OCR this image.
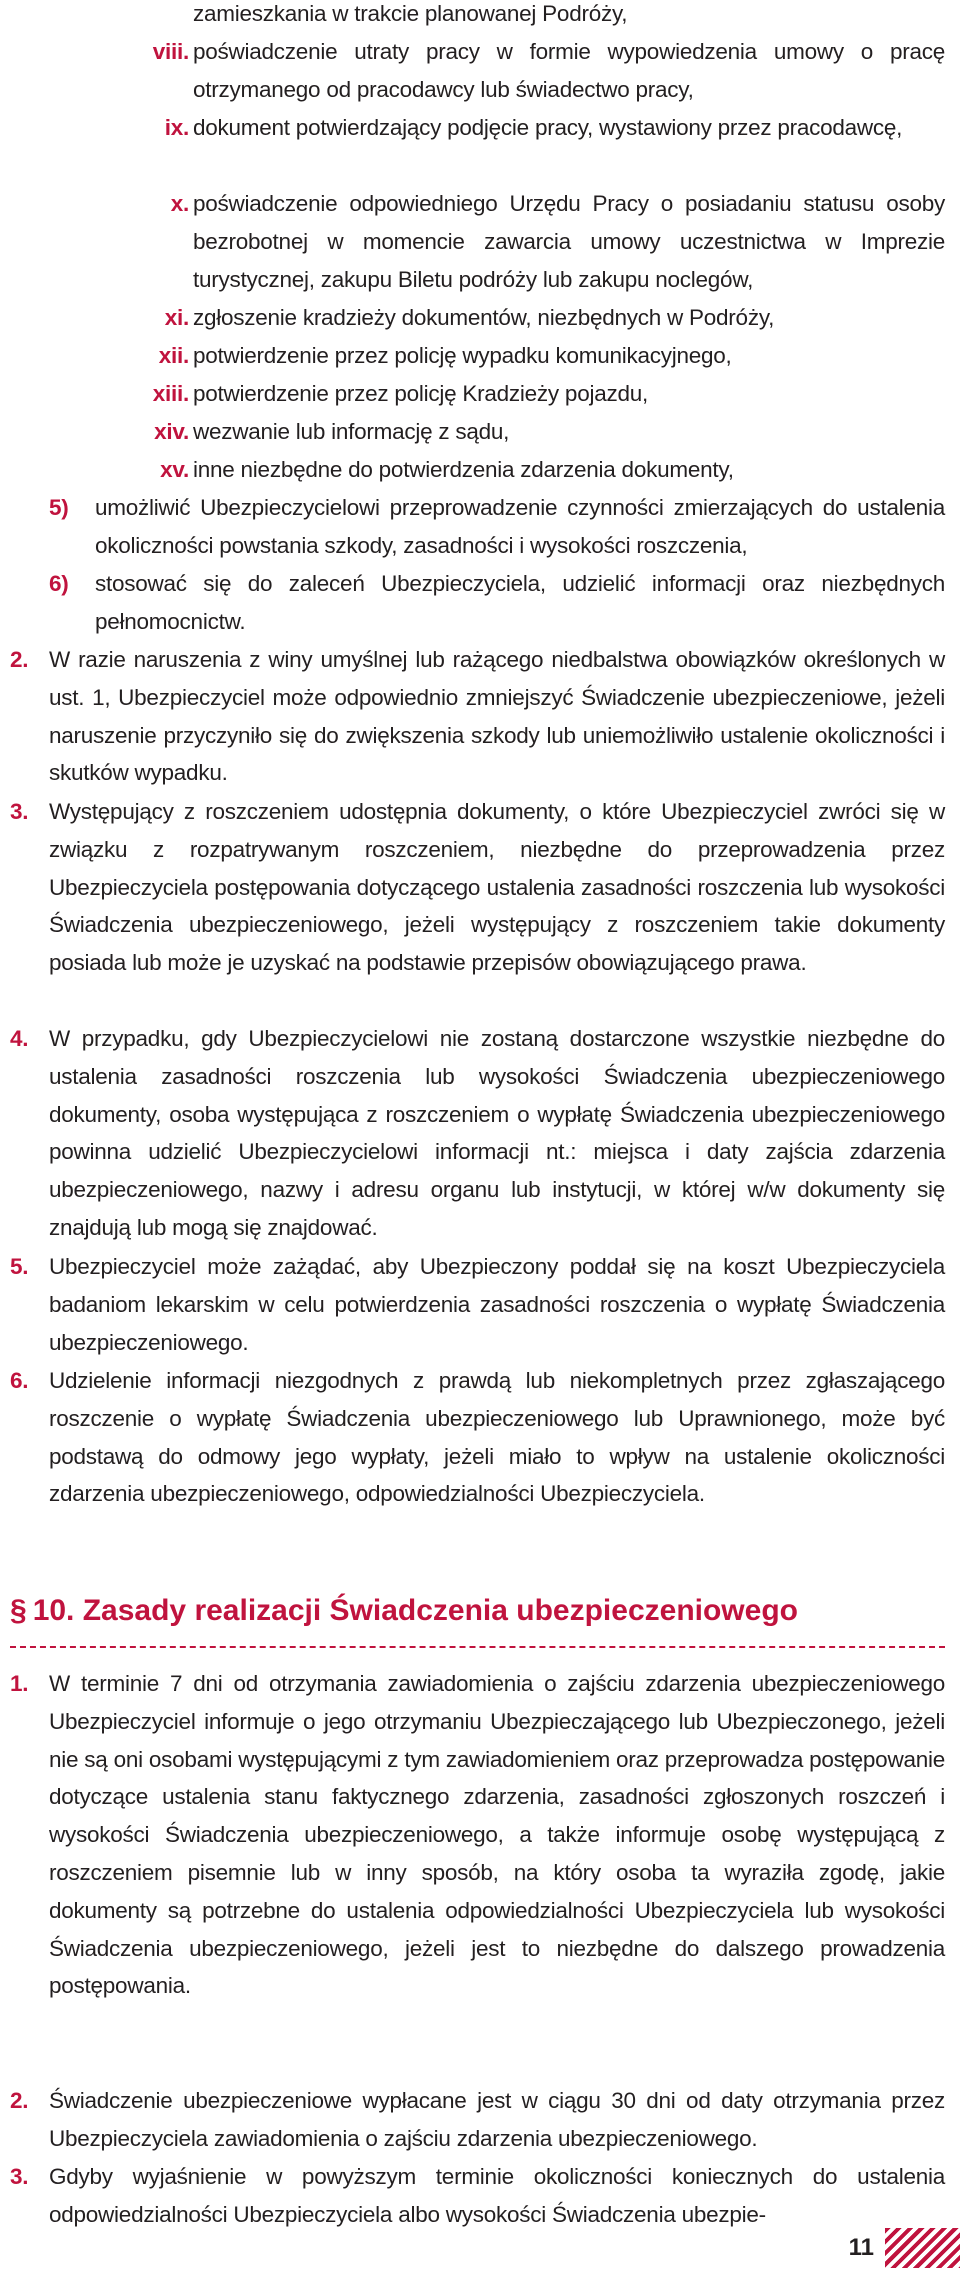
zamieszkania w trakcie planowanej Podróży,
viii. poświadczenie utraty pracy w formie wypowiedzenia umowy o pracę otrzymanego od pracodawcy lub świadectwo pracy,
ix. dokument potwierdzający podjęcie pracy, wystawiony przez pracodawcę,
x. poświadczenie odpowiedniego Urzędu Pracy o posiadaniu statusu osoby bezrobotnej w momencie zawarcia umowy uczestnictwa w Imprezie turystycznej, zakupu Biletu podróży lub zakupu noclegów,
xi. zgłoszenie kradzieży dokumentów, niezbędnych w Podróży,
xii. potwierdzenie przez policję wypadku komunikacyjnego,
xiii. potwierdzenie przez policję Kradzieży pojazdu,
xiv. wezwanie lub informację z sądu,
xv. inne niezbędne do potwierdzenia zdarzenia dokumenty,
5) umożliwić Ubezpieczycielowi przeprowadzenie czynności zmierzających do ustalenia okoliczności powstania szkody, zasadności i wysokości roszczenia,
6) stosować się do zaleceń Ubezpieczyciela, udzielić informacji oraz niezbędnych pełnomocnictw.
2. W razie naruszenia z winy umyślnej lub rażącego niedbalstwa obowiązków określonych w ust. 1, Ubezpieczyciel może odpowiednio zmniejszyć Świadczenie ubezpieczeniowe, jeżeli naruszenie przyczyniło się do zwiększenia szkody lub uniemożliwiło ustalenie okoliczności i skutków wypadku.
3. Występujący z roszczeniem udostępnia dokumenty, o które Ubezpieczyciel zwróci się w związku z rozpatrywanym roszczeniem, niezbędne do przeprowadzenia przez Ubezpieczyciela postępowania dotyczącego ustalenia zasadności roszczenia lub wysokości Świadczenia ubezpieczeniowego, jeżeli występujący z roszczeniem takie dokumenty posiada lub może je uzyskać na podstawie przepisów obowiązującego prawa.
4. W przypadku, gdy Ubezpieczycielowi nie zostaną dostarczone wszystkie niezbędne do ustalenia zasadności roszczenia lub wysokości Świadczenia ubezpieczeniowego dokumenty, osoba występująca z roszczeniem o wypłatę Świadczenia ubezpieczeniowego powinna udzielić Ubezpieczycielowi informacji nt.: miejsca i daty zajścia zdarzenia ubezpieczeniowego, nazwy i adresu organu lub instytucji, w której w/w dokumenty się znajdują lub mogą się znajdować.
5. Ubezpieczyciel może zażądać, aby Ubezpieczony poddał się na koszt Ubezpieczyciela badaniom lekarskim w celu potwierdzenia zasadności roszczenia o wypłatę Świadczenia ubezpieczeniowego.
6. Udzielenie informacji niezgodnych z prawdą lub niekompletnych przez zgłaszającego roszczenie o wypłatę Świadczenia ubezpieczeniowego lub Uprawnionego, może być podstawą do odmowy jego wypłaty, jeżeli miało to wpływ na ustalenie okoliczności zdarzenia ubezpieczeniowego, odpowiedzialności Ubezpieczyciela.
§ 10. Zasady realizacji Świadczenia ubezpieczeniowego
1. W terminie 7 dni od otrzymania zawiadomienia o zajściu zdarzenia ubezpieczeniowego Ubezpieczyciel informuje o jego otrzymaniu Ubezpieczającego lub Ubezpieczonego, jeżeli nie są oni osobami występującymi z tym zawiadomieniem oraz przeprowadza postępowanie dotyczące ustalenia stanu faktycznego zdarzenia, zasadności zgłoszonych roszczeń i wysokości Świadczenia ubezpieczeniowego, a także informuje osobę występującą z roszczeniem pisemnie lub w inny sposób, na który osoba ta wyraziła zgodę, jakie dokumenty są potrzebne do ustalenia odpowiedzialności Ubezpieczyciela lub wysokości Świadczenia ubezpieczeniowego, jeżeli jest to niezbędne do dalszego prowadzenia postępowania.
2. Świadczenie ubezpieczeniowe wypłacane jest w ciągu 30 dni od daty otrzymania przez Ubezpieczyciela zawiadomienia o zajściu zdarzenia ubezpieczeniowego.
3. Gdyby wyjaśnienie w powyższym terminie okoliczności koniecznych do ustalenia odpowiedzialności Ubezpieczyciela albo wysokości Świadczenia ubezpie-
11
